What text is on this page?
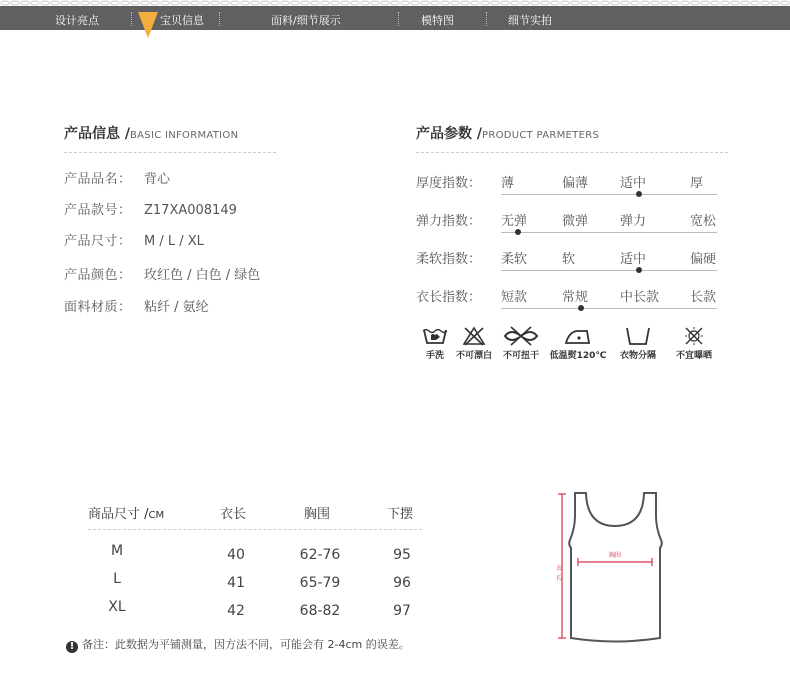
设计亮点	宝贝信息	面料/细节展示	模特图	细节实拍
产品信息 /BASIC INFORMATION
产品品名： 背心
产品款号： Z17XA008149
产品尺寸： M / L / XL
产品颜色： 玫红色 / 白色 / 绿色
面料材质： 粘纤 / 氨纶
产品参数 /PRODUCT PARMETERS
厚度指数： 薄	偏薄 适中	厚
弹力指数： 无弹	微弹 弹力	宽松
柔软指数： 柔软	软	适中	偏硬
衣长指数： 短款	常规 中长款 长款
手洗	不可漂白	不可扭干	低温熨120℃	衣物分隔	不宜曝晒
商品尺寸 /CM	衣长	胸围	下摆
M	40	62-76	95
L	41	65-79	96
XL	42	68-82	97
! 备注：此数据为平铺测量，因方法不同，可能会有 2-4cm 的误差。
胸围
衣
长
